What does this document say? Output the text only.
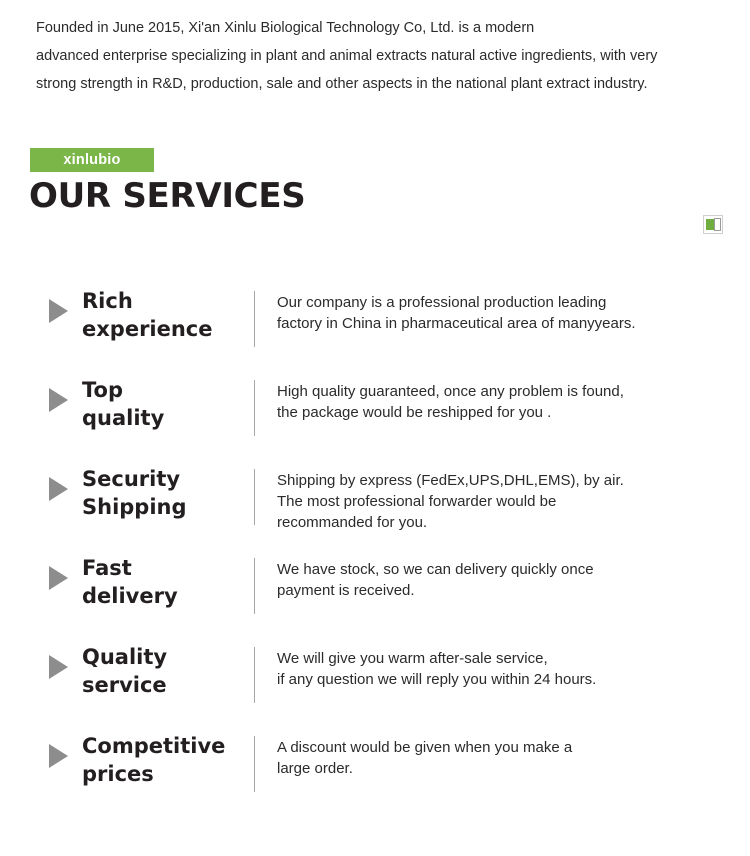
Founded in June 2015, Xi'an Xinlu Biological Technology Co, Ltd. is a modern

advanced enterprise specializing in plant and animal extracts natural active ingredients, with very

strong strength in R&D, production, sale and other aspects in the national plant extract industry.

xinlubio
OUR SERVICES
Rich
experience
Our company is a professional production leading
factory in China in pharmaceutical area of manyyears.
Top
quality
High quality guaranteed, once any problem is found,
the package would be reshipped for you .
Security
Shipping
Shipping by express (FedEx,UPS,DHL,EMS), by air.
The most professional forwarder would be
recommanded for you.
Fast
delivery
We have stock, so we can delivery quickly once
payment is received.
Quality
service
We will give you warm after-sale service,
if any question we will reply you within 24 hours.
Competitive
prices
A discount would be given when you make a
large order.
